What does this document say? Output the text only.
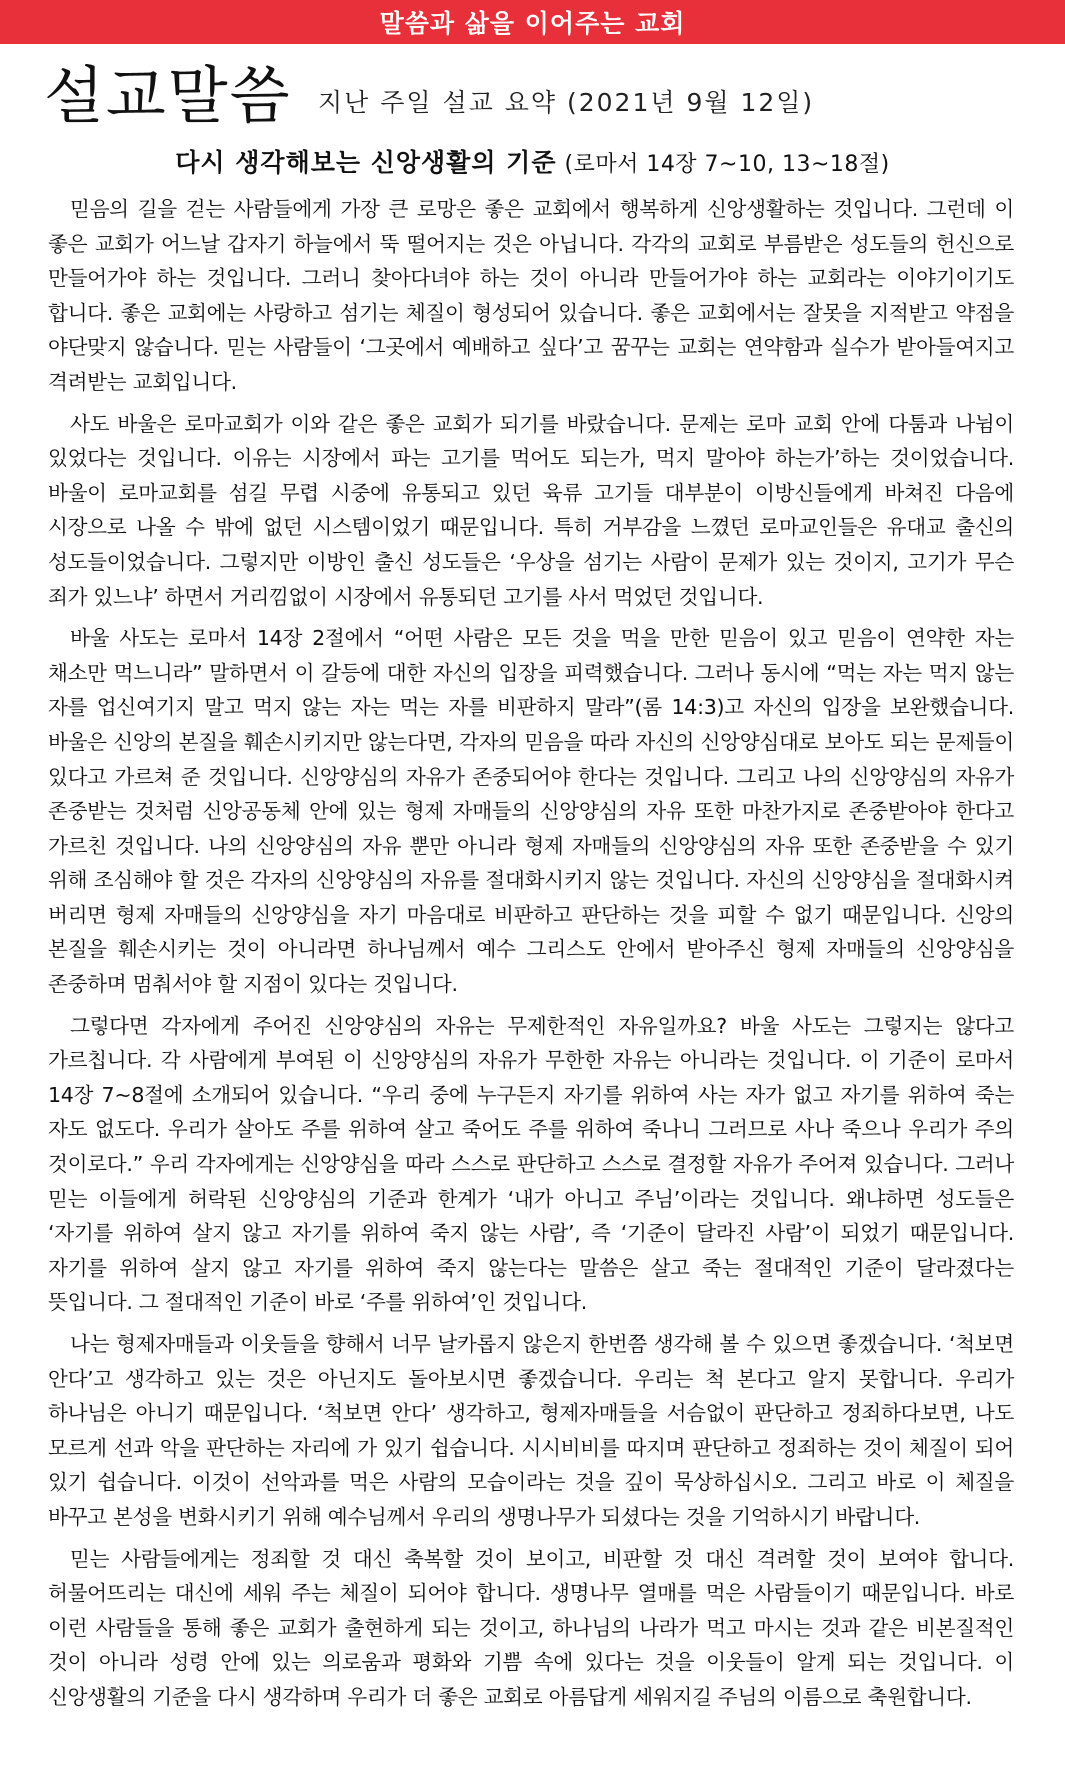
말씀과 삶을 이어주는 교회
설교말씀 지난 주일 설교 요약 (2021년 9월 12일)
다시 생각해보는 신앙생활의 기준 (로마서 14장 7~10, 13~18절)

믿음의 길을 걷는 사람들에게 가장 큰 로망은 좋은 교회에서 행복하게 신앙생활하는 것입니다. 그런데 이 좋은 교회가 어느날 갑자기 하늘에서 뚝 떨어지는 것은 아닙니다. 각각의 교회로 부름받은 성도들의 헌신으로 만들어가야 하는 것입니다. 그러니 찾아다녀야 하는 것이 아니라 만들어가야 하는 교회라는 이야기이기도 합니다. 좋은 교회에는 사랑하고 섬기는 체질이 형성되어 있습니다. 좋은 교회에서는 잘못을 지적받고 약점을 야단맞지 않습니다. 믿는 사람들이 ‘그곳에서 예배하고 싶다’고 꿈꾸는 교회는 연약함과 실수가 받아들여지고 격려받는 교회입니다.

사도 바울은 로마교회가 이와 같은 좋은 교회가 되기를 바랐습니다. 문제는 로마 교회 안에 다툼과 나뉨이 있었다는 것입니다. 이유는 시장에서 파는 고기를 먹어도 되는가, 먹지 말아야 하는가’하는 것이었습니다. 바울이 로마교회를 섬길 무렵 시중에 유통되고 있던 육류 고기들 대부분이 이방신들에게 바쳐진 다음에 시장으로 나올 수 밖에 없던 시스템이었기 때문입니다. 특히 거부감을 느꼈던 로마교인들은 유대교 출신의 성도들이었습니다. 그렇지만 이방인 출신 성도들은 ‘우상을 섬기는 사람이 문제가 있는 것이지, 고기가 무슨 죄가 있느냐’ 하면서 거리낌없이 시장에서 유통되던 고기를 사서 먹었던 것입니다.

바울 사도는 로마서 14장 2절에서 “어떤 사람은 모든 것을 먹을 만한 믿음이 있고 믿음이 연약한 자는 채소만 먹느니라” 말하면서 이 갈등에 대한 자신의 입장을 피력했습니다. 그러나 동시에 “먹는 자는 먹지 않는 자를 업신여기지 말고 먹지 않는 자는 먹는 자를 비판하지 말라”(롬 14:3)고 자신의 입장을 보완했습니다. 바울은 신앙의 본질을 훼손시키지만 않는다면, 각자의 믿음을 따라 자신의 신앙양심대로 보아도 되는 문제들이 있다고 가르쳐 준 것입니다. 신앙양심의 자유가 존중되어야 한다는 것입니다. 그리고 나의 신앙양심의 자유가 존중받는 것처럼 신앙공동체 안에 있는 형제 자매들의 신앙양심의 자유 또한 마찬가지로 존중받아야 한다고 가르친 것입니다. 나의 신앙양심의 자유 뿐만 아니라 형제 자매들의 신앙양심의 자유 또한 존중받을 수 있기 위해 조심해야 할 것은 각자의 신앙양심의 자유를 절대화시키지 않는 것입니다. 자신의 신앙양심을 절대화시켜 버리면 형제 자매들의 신앙양심을 자기 마음대로 비판하고 판단하는 것을 피할 수 없기 때문입니다. 신앙의 본질을 훼손시키는 것이 아니라면 하나님께서 예수 그리스도 안에서 받아주신 형제 자매들의 신앙양심을 존중하며 멈춰서야 할 지점이 있다는 것입니다.

그렇다면 각자에게 주어진 신앙양심의 자유는 무제한적인 자유일까요? 바울 사도는 그렇지는 않다고 가르칩니다. 각 사람에게 부여된 이 신앙양심의 자유가 무한한 자유는 아니라는 것입니다. 이 기준이 로마서 14장 7~8절에 소개되어 있습니다. “우리 중에 누구든지 자기를 위하여 사는 자가 없고 자기를 위하여 죽는 자도 없도다. 우리가 살아도 주를 위하여 살고 죽어도 주를 위하여 죽나니 그러므로 사나 죽으나 우리가 주의 것이로다.” 우리 각자에게는 신앙양심을 따라 스스로 판단하고 스스로 결정할 자유가 주어져 있습니다. 그러나 믿는 이들에게 허락된 신앙양심의 기준과 한계가 ‘내가 아니고 주님’이라는 것입니다. 왜냐하면 성도들은 ‘자기를 위하여 살지 않고 자기를 위하여 죽지 않는 사람’, 즉 ‘기준이 달라진 사람’이 되었기 때문입니다. 자기를 위하여 살지 않고 자기를 위하여 죽지 않는다는 말씀은 살고 죽는 절대적인 기준이 달라졌다는 뜻입니다. 그 절대적인 기준이 바로 ‘주를 위하여’인 것입니다.

나는 형제자매들과 이웃들을 향해서 너무 날카롭지 않은지 한번쯤 생각해 볼 수 있으면 좋겠습니다. ‘척보면 안다’고 생각하고 있는 것은 아닌지도 돌아보시면 좋겠습니다. 우리는 척 본다고 알지 못합니다. 우리가 하나님은 아니기 때문입니다. ‘척보면 안다’ 생각하고, 형제자매들을 서슴없이 판단하고 정죄하다보면, 나도 모르게 선과 악을 판단하는 자리에 가 있기 쉽습니다. 시시비비를 따지며 판단하고 정죄하는 것이 체질이 되어 있기 쉽습니다. 이것이 선악과를 먹은 사람의 모습이라는 것을 깊이 묵상하십시오. 그리고 바로 이 체질을 바꾸고 본성을 변화시키기 위해 예수님께서 우리의 생명나무가 되셨다는 것을 기억하시기 바랍니다.

믿는 사람들에게는 정죄할 것 대신 축복할 것이 보이고, 비판할 것 대신 격려할 것이 보여야 합니다. 허물어뜨리는 대신에 세워 주는 체질이 되어야 합니다. 생명나무 열매를 먹은 사람들이기 때문입니다. 바로 이런 사람들을 통해 좋은 교회가 출현하게 되는 것이고, 하나님의 나라가 먹고 마시는 것과 같은 비본질적인 것이 아니라 성령 안에 있는 의로움과 평화와 기쁨 속에 있다는 것을 이웃들이 알게 되는 것입니다. 이 신앙생활의 기준을 다시 생각하며 우리가 더 좋은 교회로 아름답게 세워지길 주님의 이름으로 축원합니다.
